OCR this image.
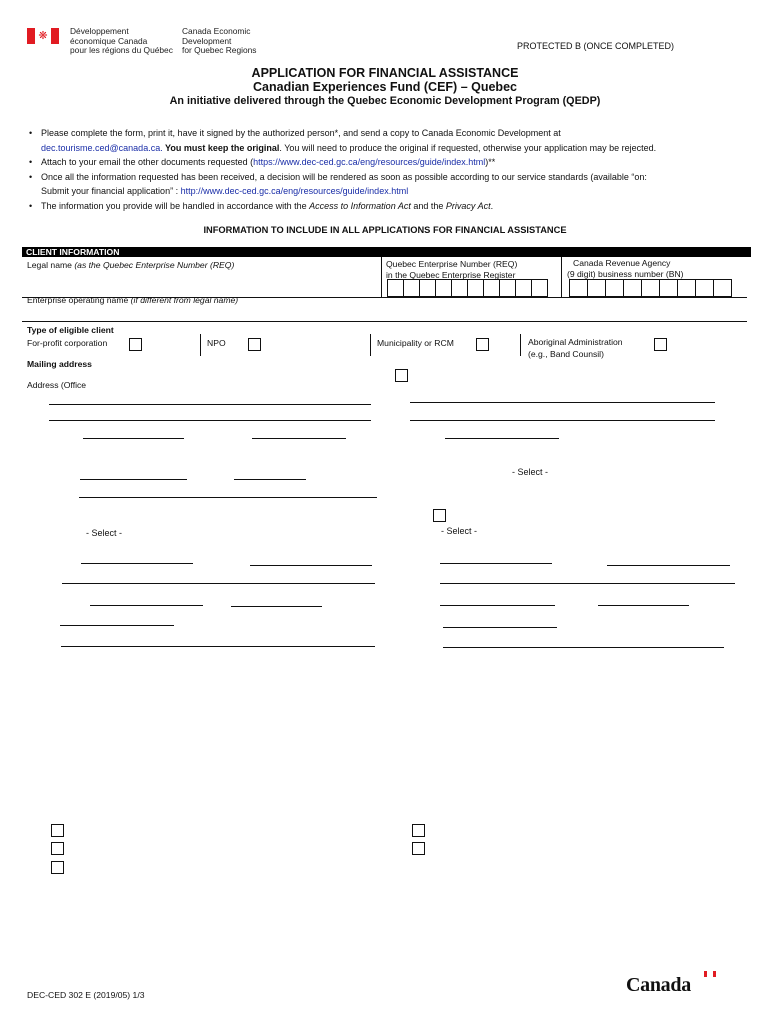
❋	Développement
économique Canada
pour les régions du Québec
Canada Economic
Development
for Quebec Regions	PROTECTED B (ONCE COMPLETED)
APPLICATION FOR FINANCIAL ASSISTANCE
Canadian Experiences Fund (CEF) – Quebec
An initiative delivered through the Quebec Economic Development Program (QEDP)
• Please complete the form, print it, have it signed by the authorized person*, and send a copy to Canada Economic Development at
dec.tourisme.ced@canada.ca. You must keep the original. You will need to produce the original if requested, otherwise your application may be rejected.
• Attach to your email the other documents requested (https://www.dec-ced.gc.ca/eng/resources/guide/index.html)**
• Once all the information requested has been received, a decision will be rendered as soon as possible according to our service standards (available “on:
Submit your financial application” : http://www.dec-ced.gc.ca/eng/resources/guide/index.html
• The information you provide will be handled in accordance with the Access to Information Act and the Privacy Act.
INFORMATION TO INCLUDE IN ALL APPLICATIONS FOR FINANCIAL ASSISTANCE
CLIENT INFORMATION
Legal name (as the Quebec Enterprise Number (REQ)	Quebec Enterprise Number (REQ)
in the Quebec Enterprise Register
Canada Revenue Agency
(9 digit) business number (BN)
Enterprise operating name (if different from legal name)
Type of eligible client
For-profit corporation	NPO	Municipality or RCM	Aboriginal Administration
(e.g., Band Counsil)
Mailing address
Address (Office
- Select -
- Select -	- Select -
DEC-CED 302 E (2019/05) 1/3	Canada
